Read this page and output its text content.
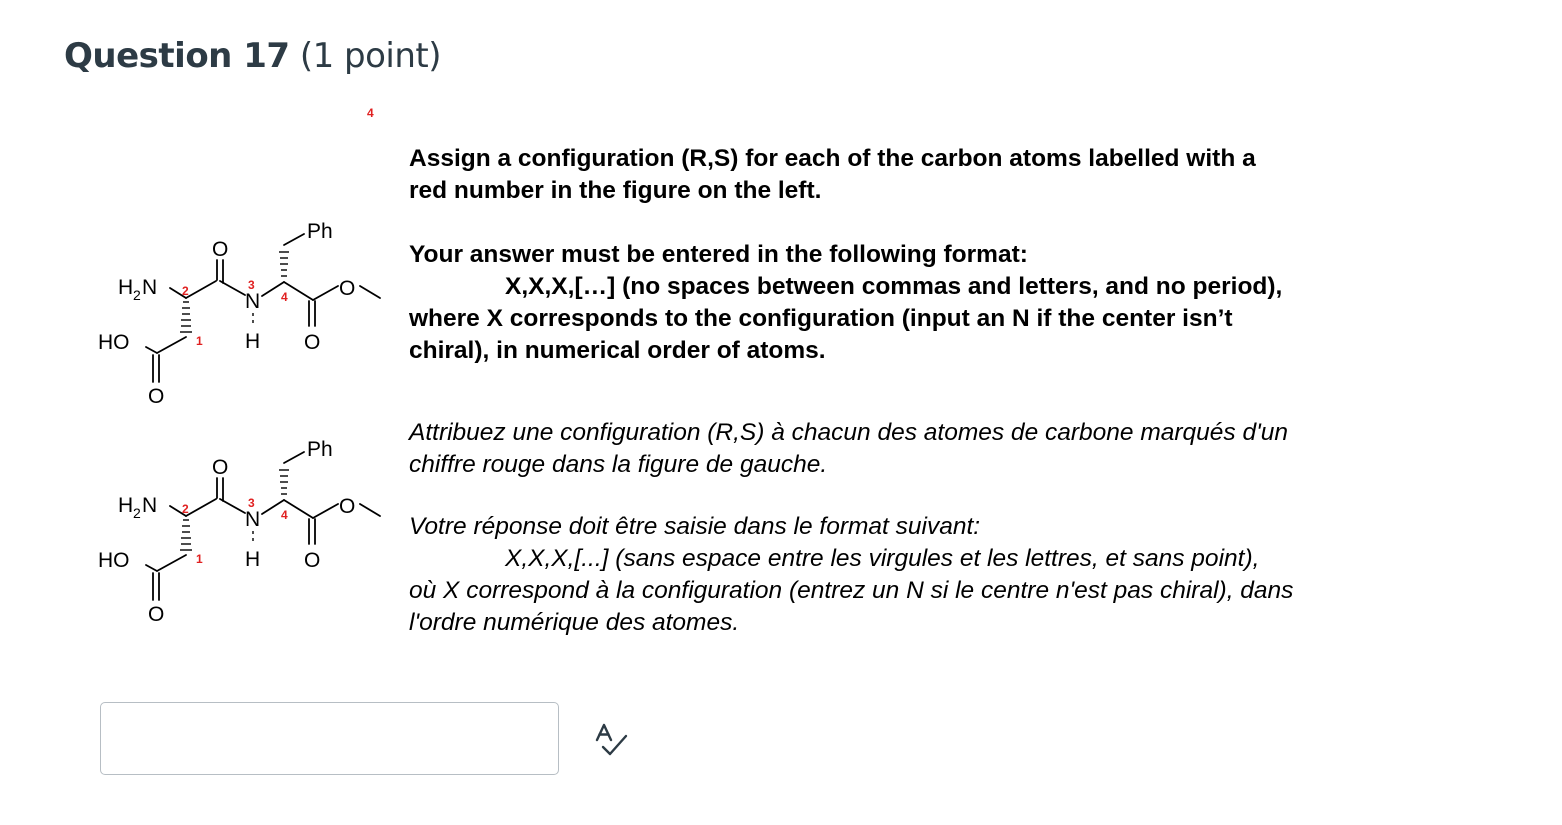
Question 17 (1 point)
4
H 2 N
HO
O
N
H
Ph
O
O
O
1
2	3
4
H 2 N
HO
O
N
H
Ph
O
O
O
1
2	3
4

Assign a configuration (R,S) for each of the carbon atoms labelled with a

red number in the figure on the left.

Your answer must be entered in the following format:

X,X,X,[…] (no spaces between commas and letters, and no period),

where X corresponds to the configuration (input an N if the center isn’t

chiral), in numerical order of atoms.

Attribuez une configuration (R,S) à chacun des atomes de carbone marqués d'un

chiffre rouge dans la figure de gauche.

Votre réponse doit être saisie dans le format suivant:

X,X,X,[...] (sans espace entre les virgules et les lettres, et sans point),

où X correspond à la configuration (entrez un N si le centre n'est pas chiral), dans

l'ordre numérique des atomes.
